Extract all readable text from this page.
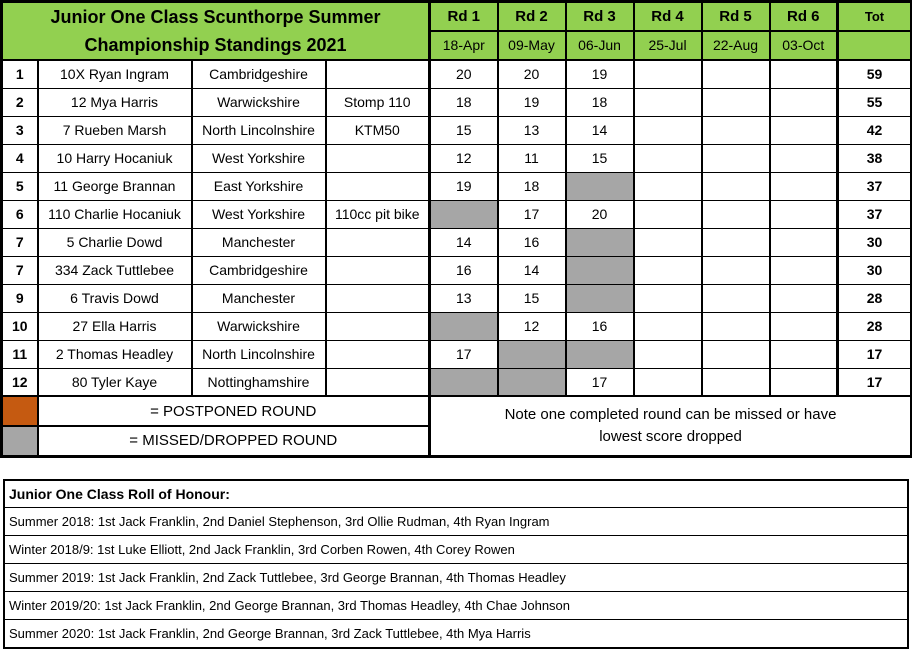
Junior One Class Scunthorpe Summer
Championship Standings 2021				Rd 1	Rd 2	Rd 3	Rd 4	Rd 5	Rd 6	Tot
				18-Apr	09-May	06-Jun	25-Jul	22-Aug	03-Oct	
1	10X Ryan Ingram	Cambridgeshire		20	20	19				59
2	12 Mya Harris	Warwickshire	Stomp 110	18	19	18				55
3	7 Rueben Marsh	North Lincolnshire	KTM50	15	13	14				42
4	10 Harry Hocaniuk	West Yorkshire		12	11	15				38
5	11 George Brannan	East Yorkshire		19	18					37
6	110 Charlie Hocaniuk	West Yorkshire	110cc pit bike		17	20				37
7	5 Charlie Dowd	Manchester		14	16					30
7	334 Zack Tuttlebee	Cambridgeshire		16	14					30
9	6 Travis Dowd	Manchester		13	15					28
10	27 Ella Harris	Warwickshire			12	16				28
11	2 Thomas Headley	North Lincolnshire		17						17
12	80 Tyler Kaye	Nottinghamshire				17				17
	= POSTPONED ROUND			Note one completed round can be missed or have
lowest score dropped						

	= MISSED/DROPPED ROUND									
Junior One Class Roll of Honour:
Summer 2018: 1st Jack Franklin, 2nd Daniel Stephenson, 3rd Ollie Rudman, 4th Ryan Ingram
Winter 2018/9: 1st Luke Elliott, 2nd Jack Franklin, 3rd Corben Rowen, 4th Corey Rowen
Summer 2019: 1st Jack Franklin, 2nd Zack Tuttlebee, 3rd George Brannan, 4th Thomas Headley
Winter 2019/20: 1st Jack Franklin, 2nd George Brannan, 3rd Thomas Headley, 4th Chae Johnson
Summer 2020: 1st Jack Franklin, 2nd George Brannan, 3rd Zack Tuttlebee, 4th Mya Harris
